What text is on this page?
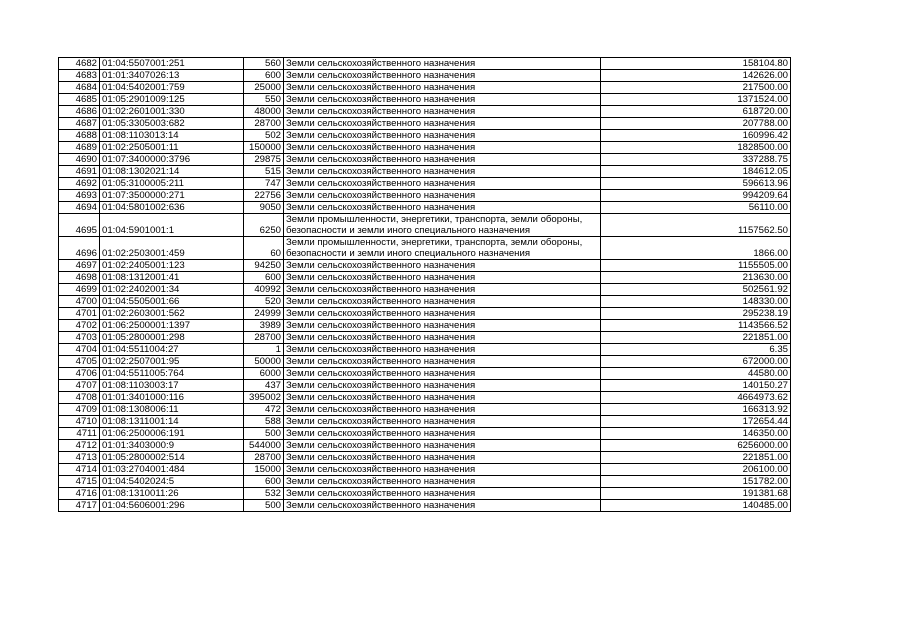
4682	01:04:5507001:251	560	Земли сельскохозяйственного назначения	158104.80
4683	01:01:3407026:13	600	Земли сельскохозяйственного назначения	142626.00
4684	01:04:5402001:759	25000	Земли сельскохозяйственного назначения	217500.00
4685	01:05:2901009:125	550	Земли сельскохозяйственного назначения	1371524.00
4686	01:02:2601001:330	48000	Земли сельскохозяйственного назначения	618720.00
4687	01:05:3305003:682	28700	Земли сельскохозяйственного назначения	207788.00
4688	01:08:1103013:14	502	Земли сельскохозяйственного назначения	160996.42
4689	01:02:2505001:11	150000	Земли сельскохозяйственного назначения	1828500.00
4690	01:07:3400000:3796	29875	Земли сельскохозяйственного назначения	337288.75
4691	01:08:1302021:14	515	Земли сельскохозяйственного назначения	184612.05
4692	01:05:3100005:211	747	Земли сельскохозяйственного назначения	596613.96
4693	01:07:3500000:271	22756	Земли сельскохозяйственного назначения	994209.64
4694	01:04:5801002:636	9050	Земли сельскохозяйственного назначения	56110.00
4695	01:04:5901001:1	6250	Земли промышленности, энергетики, транспорта, земли обороны, безопасности и земли иного специального назначения	1157562.50
4696	01:02:2503001:459	60	Земли промышленности, энергетики, транспорта, земли обороны, безопасности и земли иного специального назначения	1866.00
4697	01:02:2405001:123	94250	Земли сельскохозяйственного назначения	1155505.00
4698	01:08:1312001:41	600	Земли сельскохозяйственного назначения	213630.00
4699	01:02:2402001:34	40992	Земли сельскохозяйственного назначения	502561.92
4700	01:04:5505001:66	520	Земли сельскохозяйственного назначения	148330.00
4701	01:02:2603001:562	24999	Земли сельскохозяйственного назначения	295238.19
4702	01:06:2500001:1397	3989	Земли сельскохозяйственного назначения	1143566.52
4703	01:05:2800001:298	28700	Земли сельскохозяйственного назначения	221851.00
4704	01:04:5511004:27	1	Земли сельскохозяйственного назначения	6.35
4705	01:02:2507001:95	50000	Земли сельскохозяйственного назначения	672000.00
4706	01:04:5511005:764	6000	Земли сельскохозяйственного назначения	44580.00
4707	01:08:1103003:17	437	Земли сельскохозяйственного назначения	140150.27
4708	01:01:3401000:116	395002	Земли сельскохозяйственного назначения	4664973.62
4709	01:08:1308006:11	472	Земли сельскохозяйственного назначения	166313.92
4710	01:08:1311001:14	588	Земли сельскохозяйственного назначения	172654.44
4711	01:06:2500006:191	500	Земли сельскохозяйственного назначения	146350.00
4712	01:01:3403000:9	544000	Земли сельскохозяйственного назначения	6256000.00
4713	01:05:2800002:514	28700	Земли сельскохозяйственного назначения	221851.00
4714	01:03:2704001:484	15000	Земли сельскохозяйственного назначения	206100.00
4715	01:04:5402024:5	600	Земли сельскохозяйственного назначения	151782.00
4716	01:08:1310011:26	532	Земли сельскохозяйственного назначения	191381.68
4717	01:04:5606001:296	500	Земли сельскохозяйственного назначения	140485.00
